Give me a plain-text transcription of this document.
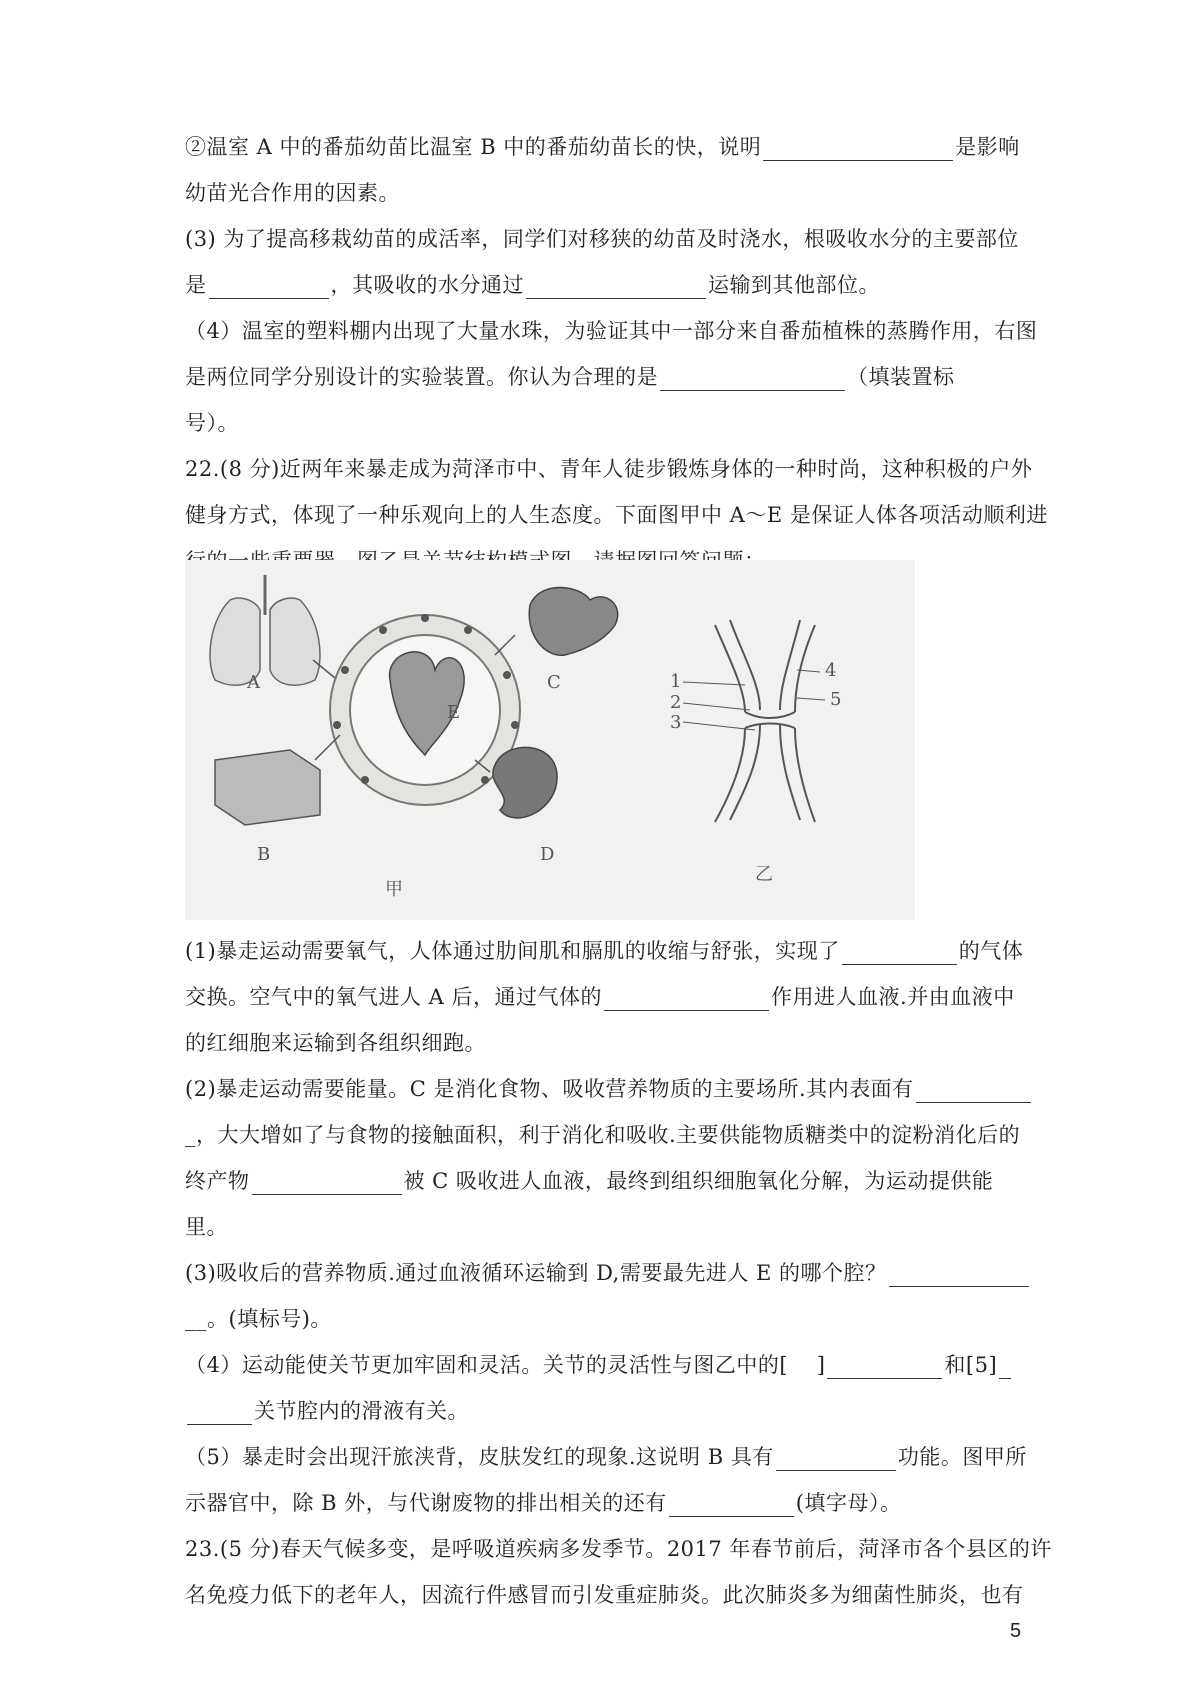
②温室 A 中的番茄幼苗比温室 B 中的番茄幼苗长的快，说明	是影响
幼苗光合作用的因素。
(3) 为了提高移栽幼苗的成活率，同学们对移狭的幼苗及时浇水，根吸收水分的主要部位
是	，其吸收的水分通过	运输到其他部位。
（4）温室的塑料棚内出现了大量水珠，为验证其中一部分来自番茄植株的蒸腾作用，右图
是两位同学分别设计的实验装置。你认为合理的是	（填装置标
号）。
22.(8 分)近两年来暴走成为菏泽市中、青年人徒步锻炼身体的一种时尚，这种积极的户外
健身方式，体现了一种乐观向上的人生态度。下面图甲中 A～E 是保证人体各项活动顺利进
A
E
C
B	D
甲
1
2
3
4
5
乙
(1)暴走运动需要氧气，人体通过肋间肌和膈肌的收缩与舒张，实现了	的气体
交换。空气中的氧气进人 A 后，通过气体的	作用进人血液.并由血液中
的红细胞来运输到各组织细跑。
(2)暴走运动需要能量。C 是消化食物、吸收营养物质的主要场所.其内表面有
_，大大增如了与食物的接触面积，利于消化和吸收.主要供能物质糖类中的淀粉消化后的
终产物	被 C 吸收进人血液，最终到组织细胞氧化分解，为运动提供能
里。
(3)吸收后的营养物质.通过血液循环运输到 D,需要最先进人 E 的哪个腔？
__。(填标号)。
（4）运动能使关节更加牢固和灵活。关节的灵活性与图乙中的[　 ]	和[5]
关节腔内的滑液有关。
（5）暴走时会出现汗旅浃背，皮肤发红的现象.这说明 B 具有	功能。图甲所
示器官中，除 B 外，与代谢废物的排出相关的还有	(填字母）。
23.(5 分)春天气候多变，是呼吸道疾病多发季节。2017 年春节前后，菏泽市各个县区的许
名免疫力低下的老年人，因流行件感冒而引发重症肺炎。此次肺炎多为细菌性肺炎，也有
5
